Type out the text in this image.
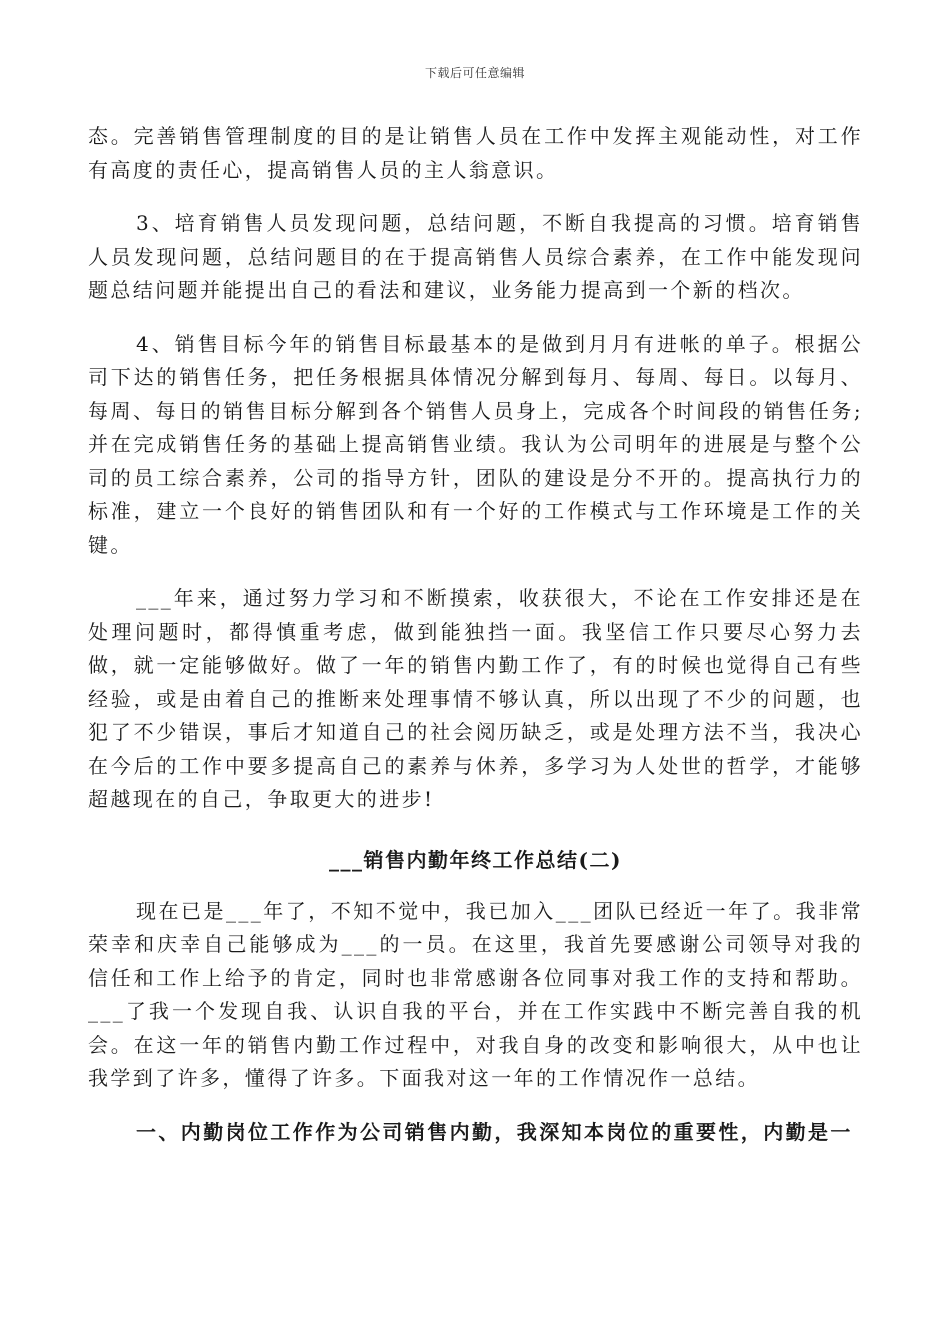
下载后可任意编辑

态。完善销售管理制度的目的是让销售人员在工作中发挥主观能动性，对工作有高度的责任心，提高销售人员的主人翁意识。

3、培育销售人员发现问题，总结问题，不断自我提高的习惯。培育销售人员发现问题，总结问题目的在于提高销售人员综合素养，在工作中能发现问题总结问题并能提出自己的看法和建议，业务能力提高到一个新的档次。

4、销售目标今年的销售目标最基本的是做到月月有进帐的单子。根据公司下达的销售任务，把任务根据具体情况分解到每月、每周、每日。以每月、每周、每日的销售目标分解到各个销售人员身上，完成各个时间段的销售任务;并在完成销售任务的基础上提高销售业绩。我认为公司明年的进展是与整个公司的员工综合素养，公司的指导方针，团队的建设是分不开的。提高执行力的标准，建立一个良好的销售团队和有一个好的工作模式与工作环境是工作的关键。

___年来，通过努力学习和不断摸索，收获很大，不论在工作安排还是在处理问题时，都得慎重考虑，做到能独挡一面。我坚信工作只要尽心努力去做，就一定能够做好。做了一年的销售内勤工作了，有的时候也觉得自己有些经验，或是由着自己的推断来处理事情不够认真，所以出现了不少的问题，也犯了不少错误，事后才知道自己的社会阅历缺乏，或是处理方法不当，我决心在今后的工作中要多提高自己的素养与休养，多学习为人处世的哲学，才能够超越现在的自己，争取更大的进步!

___销售内勤年终工作总结(二)

现在已是___年了，不知不觉中，我已加入___团队已经近一年了。我非常荣幸和庆幸自己能够成为___的一员。在这里，我首先要感谢公司领导对我的信任和工作上给予的肯定，同时也非常感谢各位同事对我工作的支持和帮助。___了我一个发现自我、认识自我的平台，并在工作实践中不断完善自我的机会。在这一年的销售内勤工作过程中，对我自身的改变和影响很大，从中也让我学到了许多，懂得了许多。下面我对这一年的工作情况作一总结。

一、内勤岗位工作作为公司销售内勤，我深知本岗位的重要性，内勤是一
